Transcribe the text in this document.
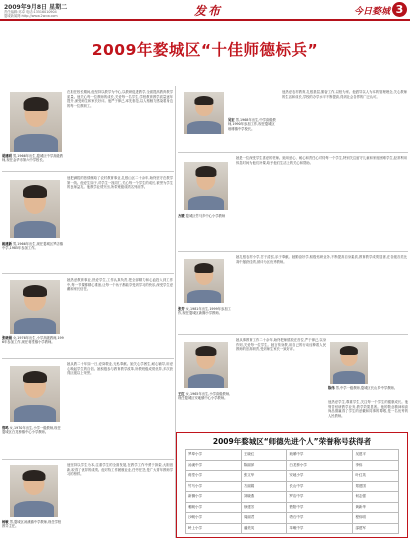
2009年9月8日 星期二
责任编辑:邓卓 电话:13516010904
婺城新闻网:http://www.2wcw.com	发布	今日婺城 3
2009年婺城区“十佳师德标兵”
胡建明 男,1966年出生,婺城区中学高级教师,现任金华市第六中学校长。
在担任校长期间,他坚持以教学为中心,以教研促进教学,全面提高教育教学质量。他关心每一位教师的成长,关爱每一名学生,学校教育教学质量逐年提升,深受师生和家长好评。他严于律己,率先垂范,以人格魅力感染着身边的每一位教职工。
姚建新 男,1966年出生,现任婺城区罗店镇中学,1985年参加工作。
他把满腔的热情献给了农村教育事业,扎根山区二十余年,始终坚守在教学第一线。他爱生如子,对学生一视同仁,关心每一个学生的成长,被誉为学生的良师益友。他教学业绩突出,所带班级成绩名列前茅。
张晓娟 女,1976年出生,小学高级教师,1996年参加工作,现任蒋堂镇小学教师。
她热爱教育事业,热爱学生,工作认真负责,把全部精力和心血投入到工作中,每一节课都精心准备,让每一个孩子都能享受到学习的快乐,深受学生爱戴和家长信任。
郑鸣 女,1970年出生,小学一级教师,现任婺城区白龙桥镇中心小学教师。
她从教二十年如一日,爱岗敬业,无私奉献。她关心学困生,耐心辅导,用爱心唤起学生的自信。她积极参与教育教学改革,所教班级成绩优异,多次获得区级以上荣誉。
杨敏 男,婺城区汤溪镇中学教师,现任学校教导主任。
他坚持以学生为本,注重学生的全面发展,在教学工作中勇于探索,大胆创新,取得了优异的成绩。他对待工作兢兢业业,任劳任怨,是广大青年教师学习的榜样。
吴宏 男,1968年出生,中学高级教师,1990年参加工作,现任婺城区琅琊镇中学校长。
他热爱农村教育,扎根基层,勤奋工作,以校为家。他倡导以人为本的管理理念,关心教师的生活和成长,学校的办学水平不断提高,得到社会各界的广泛认可。
方媛 婺城区竹马乡中心小学教师
她是一位深受学生喜爱的老师。她用爱心、耐心和责任心对待每一个学生,特别关注留守儿童和家庭困难学生,经常利用休息时间为他们补课,给予他们生活上的关心和帮助。
张芳 女,1981年出生,1999年参加工作,现任婺城区新狮小学教师。
她扎根农村小学,甘于清贫,乐于奉献。她勤奋好学,积极钻研业务,不断提高自身素质,教育教学成绩显著,在各级各类比赛中屡获佳绩,被评为区优秀教师。
王红 女,1965年出生,小学高级教师,现任婺城区安地镇中心小学教师。
她从事教育工作二十余年,始终把师德放在首位,严于律己,以身作则,关爱每一位学生。她言传身教,用自己的行动诠释着人民教师的崇高职责,受到师生家长一致好评。
陈伟 男,中学一级教师,婺城区长山乡中学教师。
他热爱学生,尊重学生,关注每一个学生的健康成长。他刻苦钻研教学业务,教学效果显著。他的敬业精神和高尚品德赢得了学生的爱戴和同事的尊敬,是一名优秀的人民教师。
2009年婺城区“师德先进个人”荣誉称号获得者
罗埠小学	王晓红	琅琊中学	吴建平
汤溪中学	陈丽萍	白龙桥小学	李伟
蒋堂小学	张文华	安地小学	叶红英
竹马小学	方丽娟	长山中学	郑建国
新狮小学	刘晓燕	罗店中学	何志强
雅畈小学	徐建芳	箬阳中学	黄新华
沙畈小学	周丽君	塔石中学	程伟明
岭上小学	潘美英	莘畈中学	邵建军
